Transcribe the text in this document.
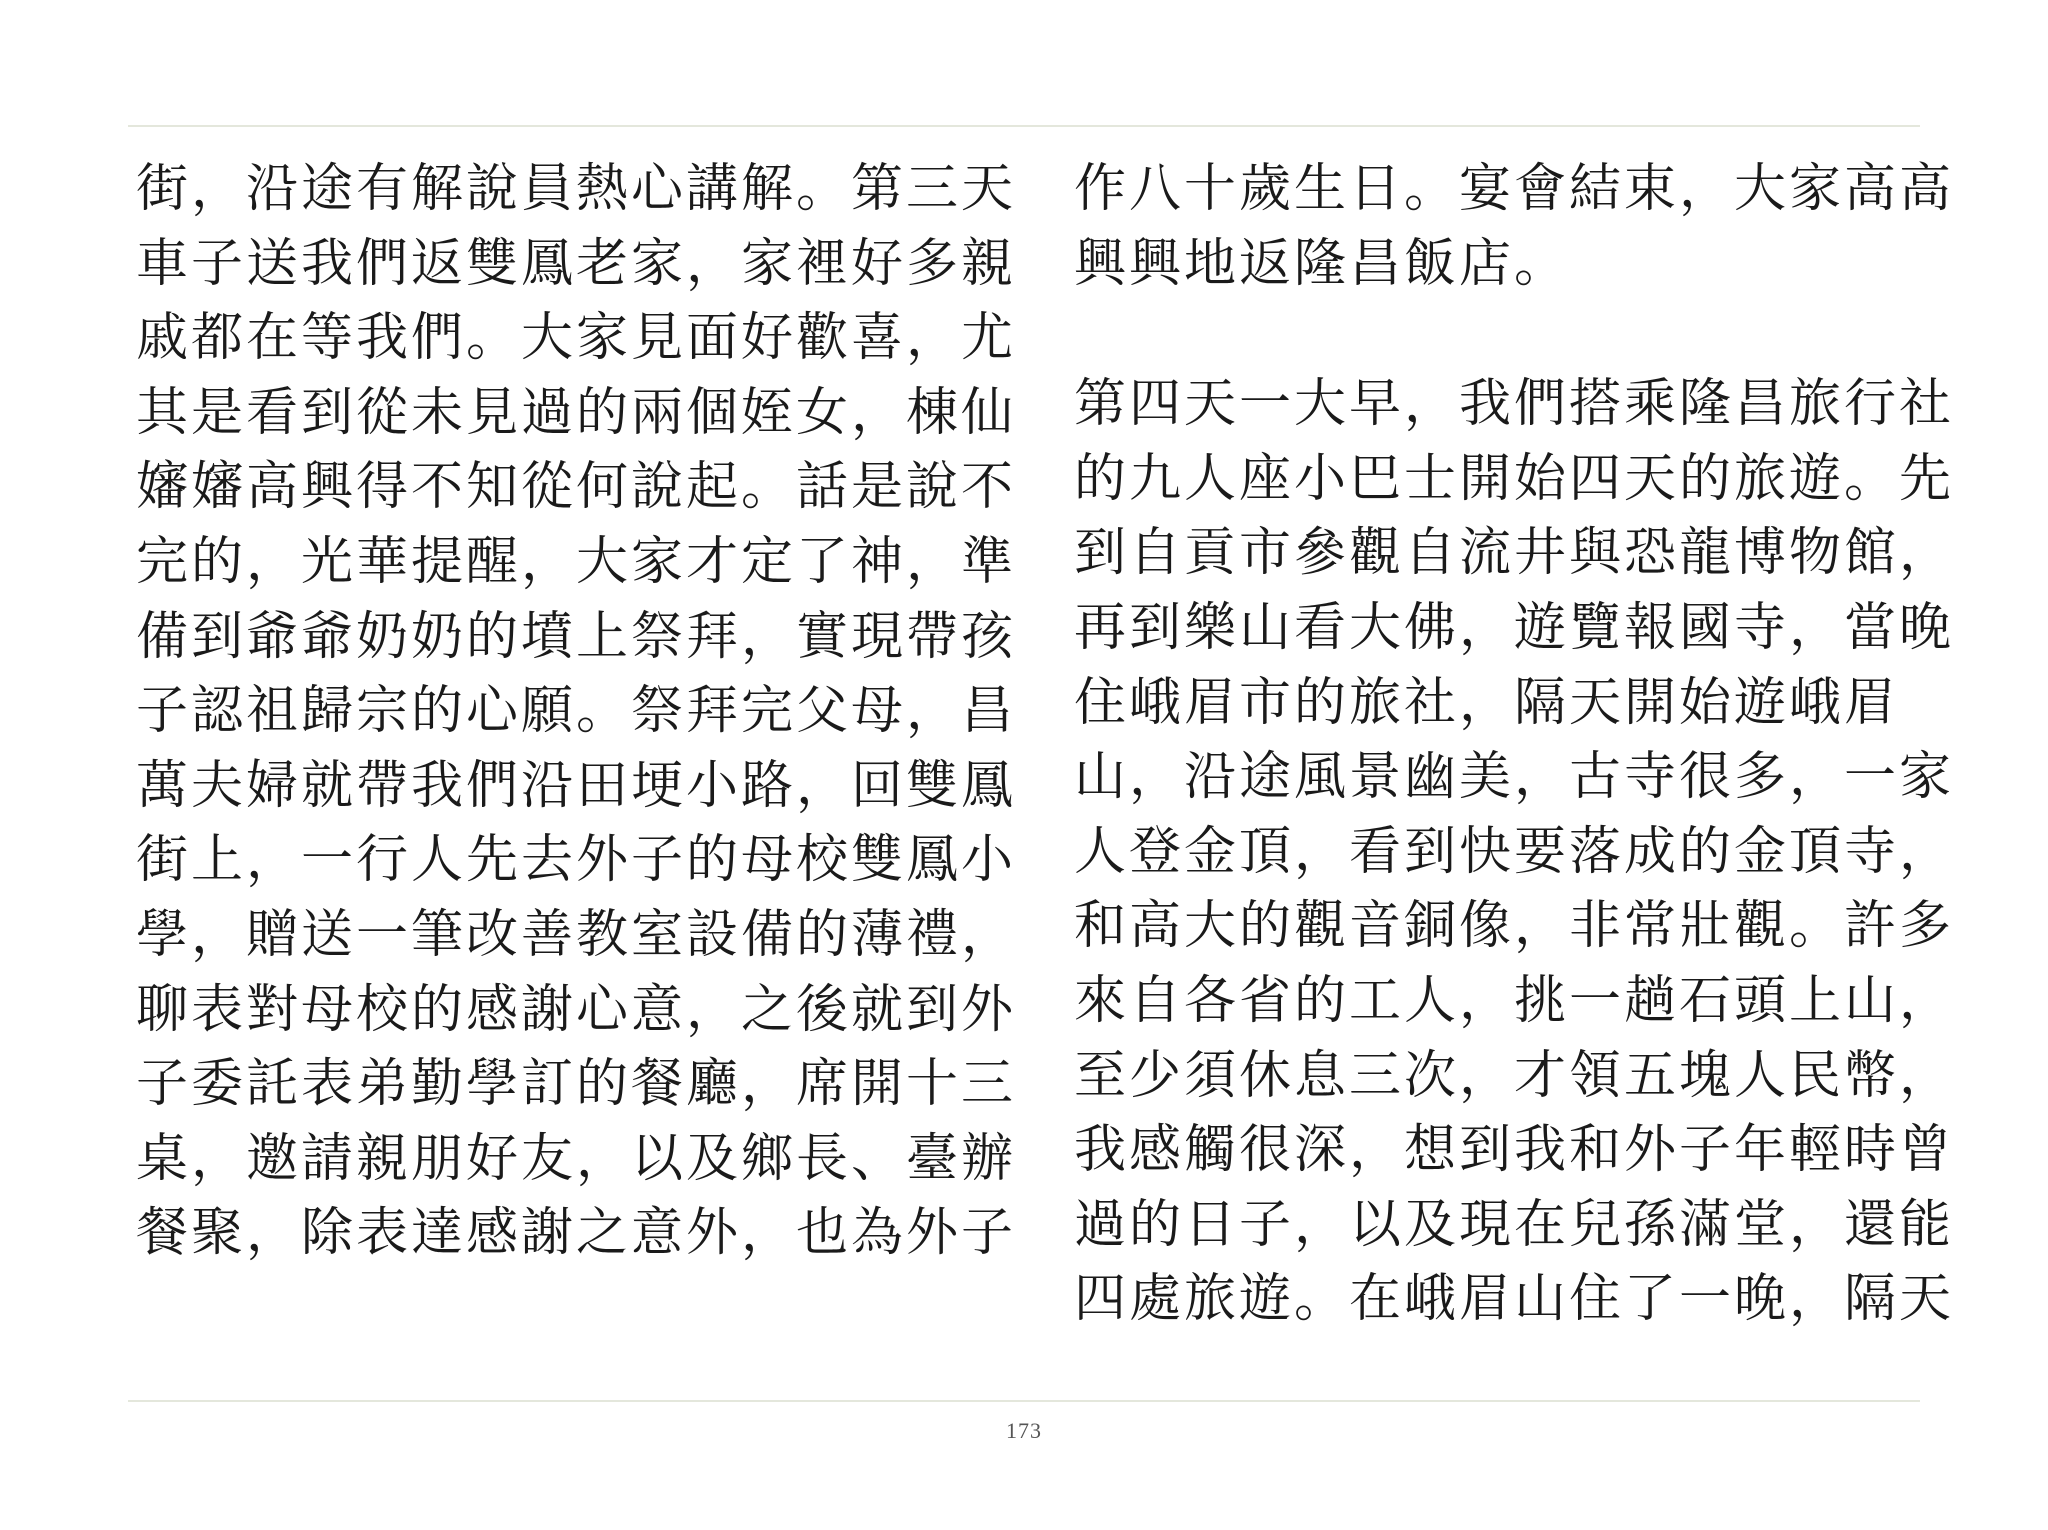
街，沿途有解說員熱心講解。第三天
車子送我們返雙鳳老家，家裡好多親
戚都在等我們。大家見面好歡喜，尤
其是看到從未見過的兩個姪女，棟仙
嬸嬸高興得不知從何說起。話是說不
完的，光華提醒，大家才定了神，準
備到爺爺奶奶的墳上祭拜，實現帶孩
子認祖歸宗的心願。祭拜完父母，昌
萬夫婦就帶我們沿田埂小路，回雙鳳
街上，一行人先去外子的母校雙鳳小
學，贈送一筆改善教室設備的薄禮，
聊表對母校的感謝心意，之後就到外
子委託表弟勤學訂的餐廳，席開十三
桌，邀請親朋好友，以及鄉長、臺辦
餐聚，除表達感謝之意外，也為外子
作八十歲生日。宴會結束，大家高高
興興地返隆昌飯店。
第四天一大早，我們搭乘隆昌旅行社
的九人座小巴士開始四天的旅遊。先
到自貢市參觀自流井與恐龍博物館，
再到樂山看大佛，遊覽報國寺，當晚
住峨眉市的旅社，隔天開始遊峨眉
山，沿途風景幽美，古寺很多，一家
人登金頂，看到快要落成的金頂寺，
和高大的觀音銅像，非常壯觀。許多
來自各省的工人，挑一趟石頭上山，
至少須休息三次，才領五塊人民幣，
我感觸很深，想到我和外子年輕時曾
過的日子，以及現在兒孫滿堂，還能
四處旅遊。在峨眉山住了一晚，隔天
173
